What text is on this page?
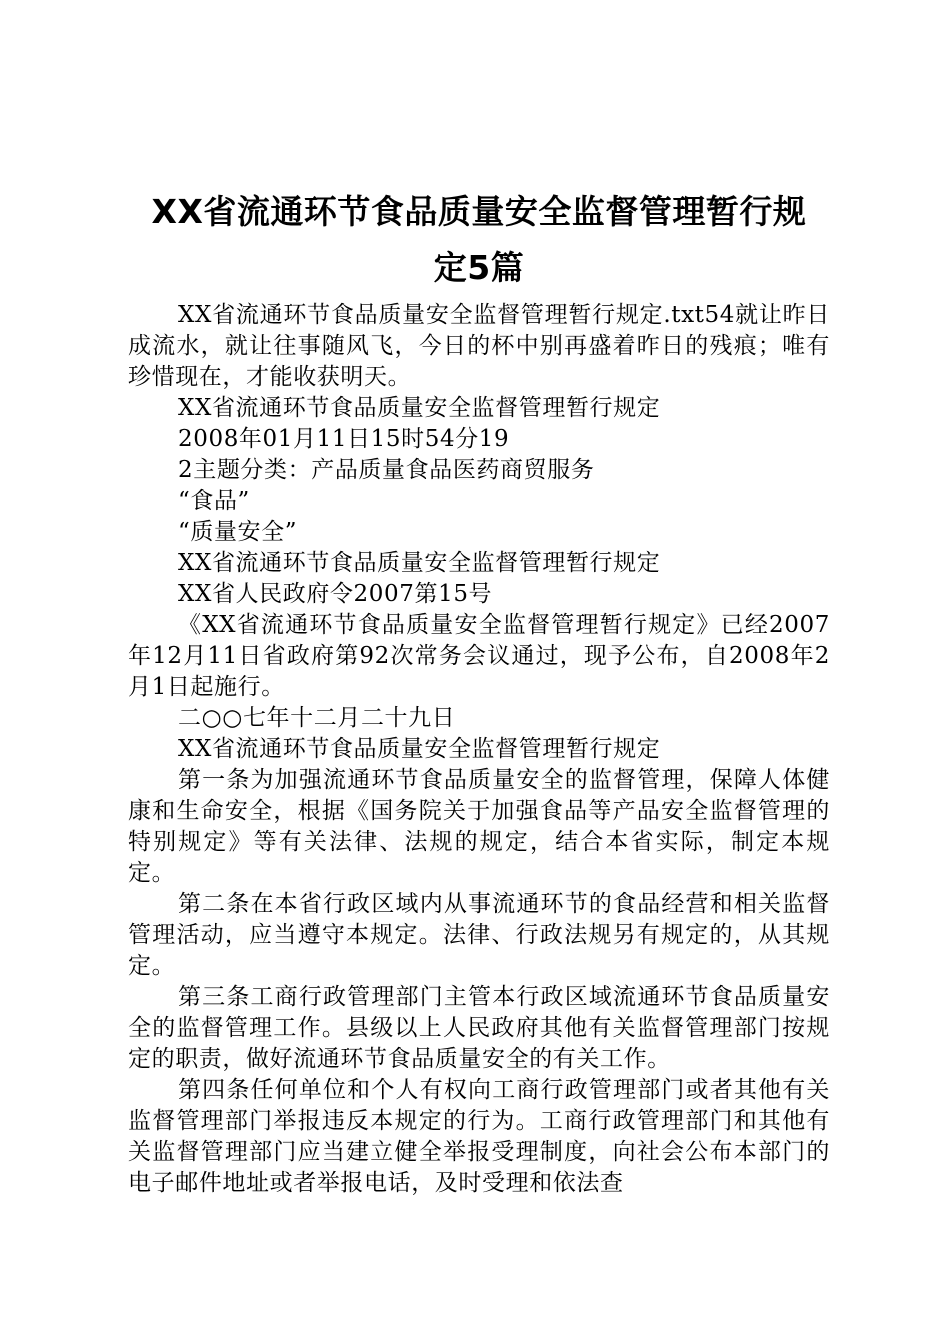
XX省流通环节食品质量安全监督管理暂行规
定5篇

XX省流通环节食品质量安全监督管理暂行规定.txt54就让昨日成流水，就让往事随风飞，今日的杯中别再盛着昨日的残痕；唯有珍惜现在，才能收获明天。

XX省流通环节食品质量安全监督管理暂行规定

2008年01月11日15时54分19

2主题分类：产品质量食品医药商贸服务

“食品”

“质量安全”

XX省流通环节食品质量安全监督管理暂行规定

XX省人民政府令2007第15号

《XX省流通环节食品质量安全监督管理暂行规定》已经2007年12月11日省政府第92次常务会议通过，现予公布，自2008年2月1日起施行。

二○○七年十二月二十九日

XX省流通环节食品质量安全监督管理暂行规定

第一条为加强流通环节食品质量安全的监督管理，保障人体健康和生命安全，根据《国务院关于加强食品等产品安全监督管理的特别规定》等有关法律、法规的规定，结合本省实际，制定本规定。

第二条在本省行政区域内从事流通环节的食品经营和相关监督管理活动，应当遵守本规定。法律、行政法规另有规定的，从其规定。

第三条工商行政管理部门主管本行政区域流通环节食品质量安全的监督管理工作。县级以上人民政府其他有关监督管理部门按规定的职责，做好流通环节食品质量安全的有关工作。

第四条任何单位和个人有权向工商行政管理部门或者其他有关监督管理部门举报违反本规定的行为。工商行政管理部门和其他有关监督管理部门应当建立健全举报受理制度，向社会公布本部门的电子邮件地址或者举报电话，及时受理和依法查
